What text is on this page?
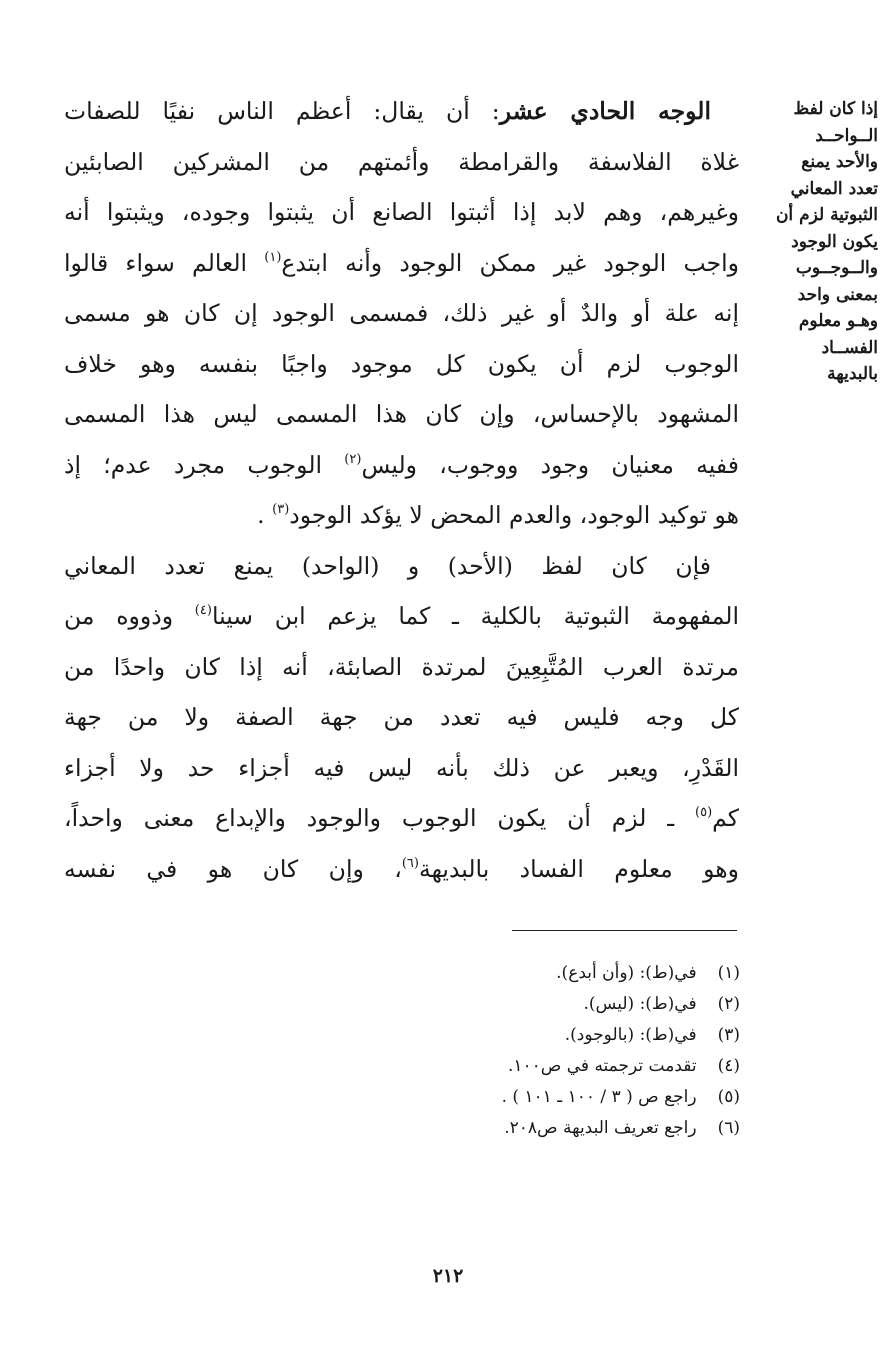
إذا كان لفظ
الــواحــد
والأحد يمنع
تعدد المعاني
الثبوتية لزم أن
يكون الوجود
والــوجــوب
بمعنى واحد
وهـو معلوم
الفســاد
بالبديهة
الوجه الحادي عشر: أن يقال: أعظم الناس نفيًا للصفات
غلاة الفلاسفة والقرامطة وأئمتهم من المشركين الصابئين
وغيرهم، وهم لابد إذا أثبتوا الصانع أن يثبتوا وجوده، ويثبتوا أنه
واجب الوجود غير ممكن الوجود وأنه ابتدع$^{(١)}$ العالم سواء قالوا
إنه علة أو والدٌ أو غير ذلك، فمسمى الوجود إن كان هو مسمى
الوجوب لزم أن يكون كل موجود واجبًا بنفسه وهو خلاف
المشهود بالإحساس، وإن كان هذا المسمى ليس هذا المسمى
ففيه معنيان وجود ووجوب، وليس$^{(٢)}$ الوجوب مجرد عدم؛ إذ
هو توكيد الوجود، والعدم المحض لا يؤكد الوجود$^{(٣)}$ .
فإن كان لفظ (الأحد) و (الواحد) يمنع تعدد المعاني
المفهومة الثبوتية بالكلية ـ كما يزعم ابن سينا$^{(٤)}$ وذووه من
مرتدة العرب المُتَّبِعِينَ لمرتدة الصابئة، أنه إذا كان واحدًا من
كل وجه فليس فيه تعدد من جهة الصفة ولا من جهة
القَدْرِ، ويعبر عن ذلك بأنه ليس فيه أجزاء حد ولا أجزاء
كم$^{(٥)}$ ـ لزم أن يكون الوجوب والوجود والإبداع معنى واحداً،
وهو معلوم الفساد بالبديهة$^{(٦)}$، وإن كان هو في نفسه
(١) في(ط): (وأن أبدع).
(٢) في(ط): (ليس).
(٣) في(ط): (بالوجود).
(٤) تقدمت ترجمته في ص١٠٠.
(٥) راجع ص ( ٣ / ١٠٠ ـ ١٠١ ) .
(٦) راجع تعريف البديهة ص٢٠٨.
٢١٢
